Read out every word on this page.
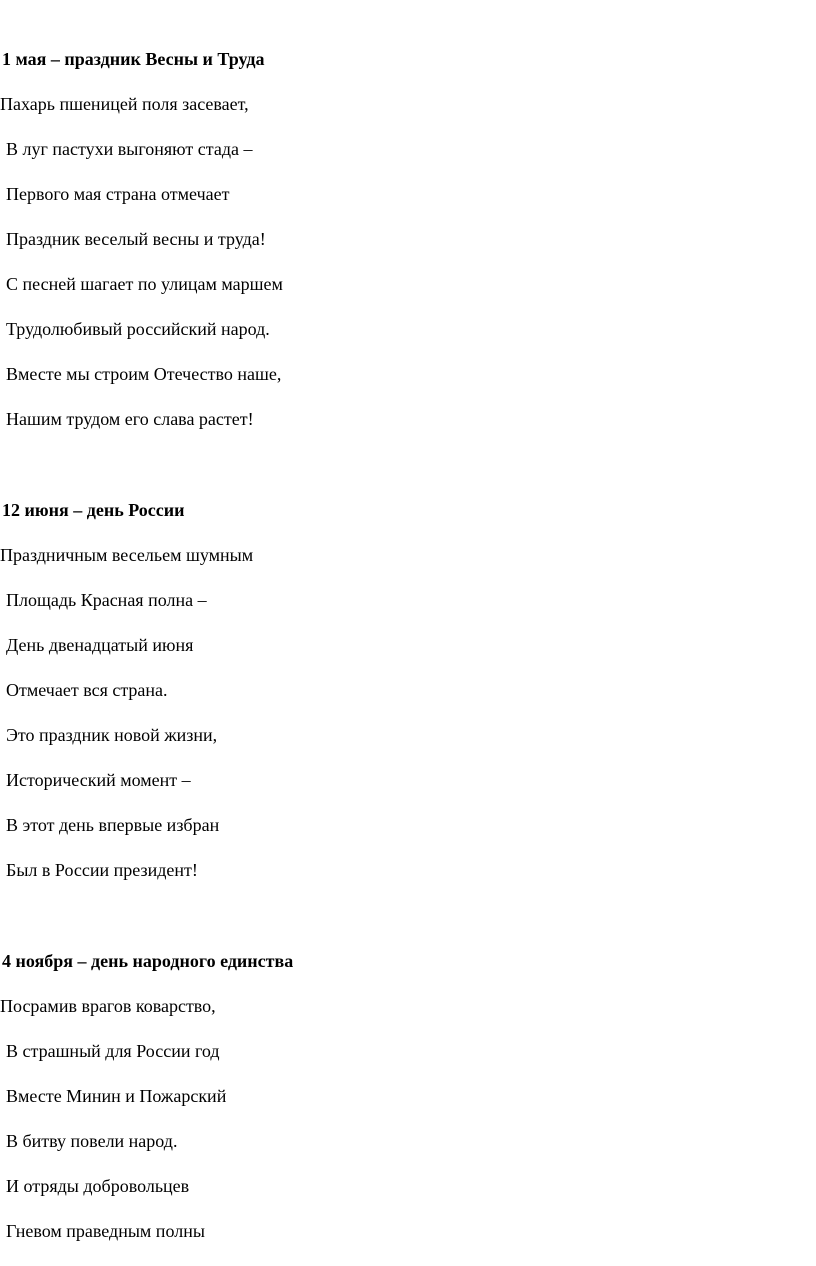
1 мая – праздник Весны и Труда

Пахарь пшеницей поля засевает,

В луг пастухи выгоняют стада –

Первого мая страна отмечает

Праздник веселый весны и труда!

С песней шагает по улицам маршем

Трудолюбивый российский народ.

Вместе мы строим Отечество наше,

Нашим трудом его слава растет!

12 июня – день России

Праздничным весельем шумным

Площадь Красная полна –

День двенадцатый июня

Отмечает вся страна.

Это праздник новой жизни,

Исторический момент –

В этот день впервые избран

Был в России президент!

4 ноября – день народного единства

Посрамив врагов коварство,

В страшный для России год

Вместе Минин и Пожарский

В битву повели народ.

И отряды добровольцев

Гневом праведным полны
